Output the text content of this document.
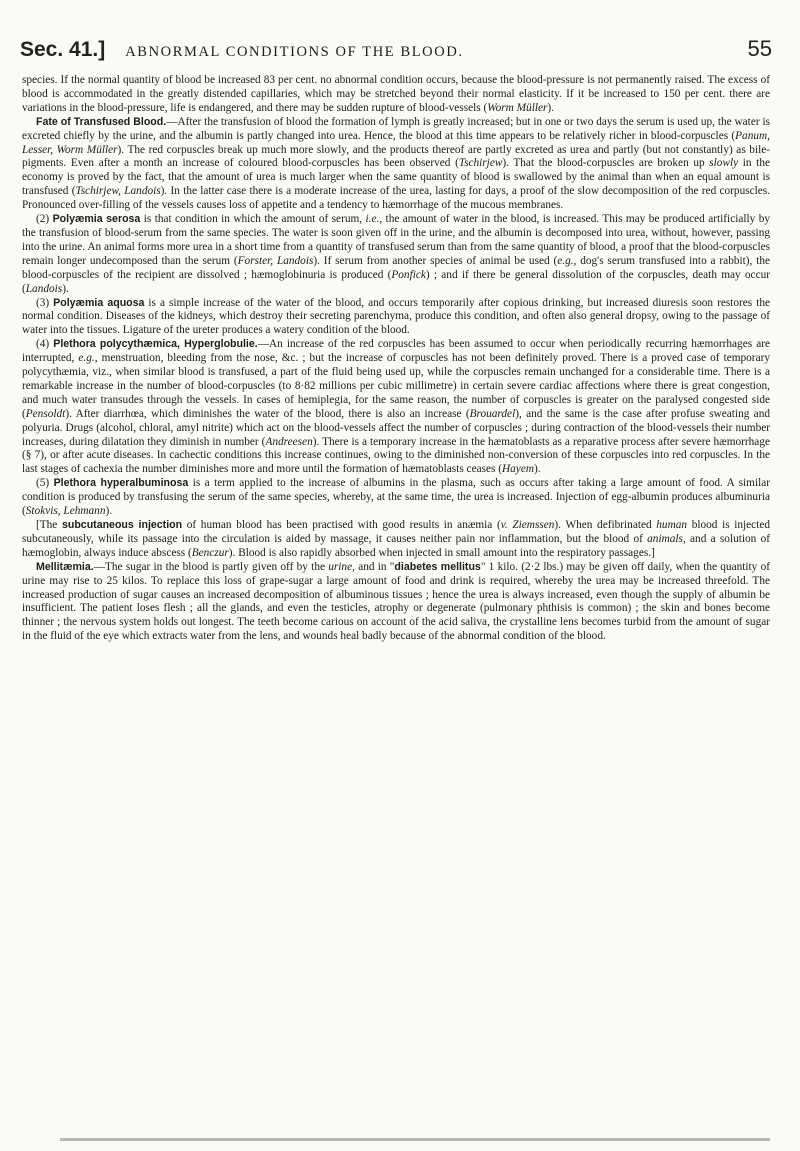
Sec. 41.] ABNORMAL CONDITIONS OF THE BLOOD.	55

species. If the normal quantity of blood be increased 83 per cent. no abnormal condition occurs, because the blood-pressure is not permanently raised. The excess of blood is accommodated in the greatly distended capillaries, which may be stretched beyond their normal elasticity. If it be increased to 150 per cent. there are variations in the blood-pressure, life is endangered, and there may be sudden rupture of blood-vessels (Worm Müller).

Fate of Transfused Blood.—After the transfusion of blood the formation of lymph is greatly increased; but in one or two days the serum is used up, the water is excreted chiefly by the urine, and the albumin is partly changed into urea. Hence, the blood at this time appears to be relatively richer in blood-corpuscles (Panum, Lesser, Worm Müller). The red corpuscles break up much more slowly, and the products thereof are partly excreted as urea and partly (but not constantly) as bile-pigments. Even after a month an increase of coloured blood-corpuscles has been observed (Tschirjew). That the blood-corpuscles are broken up slowly in the economy is proved by the fact, that the amount of urea is much larger when the same quantity of blood is swallowed by the animal than when an equal amount is transfused (Tschirjew, Landois). In the latter case there is a moderate increase of the urea, lasting for days, a proof of the slow decomposition of the red corpuscles. Pronounced over-filling of the vessels causes loss of appetite and a tendency to hæmorrhage of the mucous membranes.

(2) Polyæmia serosa is that condition in which the amount of serum, i.e., the amount of water in the blood, is increased. This may be produced artificially by the transfusion of blood-serum from the same species. The water is soon given off in the urine, and the albumin is decomposed into urea, without, however, passing into the urine. An animal forms more urea in a short time from a quantity of transfused serum than from the same quantity of blood, a proof that the blood-corpuscles remain longer undecomposed than the serum (Forster, Landois). If serum from another species of animal be used (e.g., dog's serum transfused into a rabbit), the blood-corpuscles of the recipient are dissolved ; hæmoglobinuria is produced (Ponfick) ; and if there be general dissolution of the corpuscles, death may occur (Landois).

(3) Polyæmia aquosa is a simple increase of the water of the blood, and occurs temporarily after copious drinking, but increased diuresis soon restores the normal condition. Diseases of the kidneys, which destroy their secreting parenchyma, produce this condition, and often also general dropsy, owing to the passage of water into the tissues. Ligature of the ureter produces a watery condition of the blood.

(4) Plethora polycythæmica, Hyperglobulie.—An increase of the red corpuscles has been assumed to occur when periodically recurring hæmorrhages are interrupted, e.g., menstruation, bleeding from the nose, &c. ; but the increase of corpuscles has not been definitely proved. There is a proved case of temporary polycythæmia, viz., when similar blood is transfused, a part of the fluid being used up, while the corpuscles remain unchanged for a considerable time. There is a remarkable increase in the number of blood-corpuscles (to 8·82 millions per cubic millimetre) in certain severe cardiac affections where there is great congestion, and much water transudes through the vessels. In cases of hemiplegia, for the same reason, the number of corpuscles is greater on the paralysed congested side (Pensoldt). After diarrhœa, which diminishes the water of the blood, there is also an increase (Brouardel), and the same is the case after profuse sweating and polyuria. Drugs (alcohol, chloral, amyl nitrite) which act on the blood-vessels affect the number of corpuscles ; during contraction of the blood-vessels their number increases, during dilatation they diminish in number (Andreesen). There is a temporary increase in the hæmatoblasts as a reparative process after severe hæmorrhage (§ 7), or after acute diseases. In cachectic conditions this increase continues, owing to the diminished non-conversion of these corpuscles into red corpuscles. In the last stages of cachexia the number diminishes more and more until the formation of hæmatoblasts ceases (Hayem).

(5) Plethora hyperalbuminosa is a term applied to the increase of albumins in the plasma, such as occurs after taking a large amount of food. A similar condition is produced by transfusing the serum of the same species, whereby, at the same time, the urea is increased. Injection of egg-albumin produces albuminuria (Stokvis, Lehmann).

[The subcutaneous injection of human blood has been practised with good results in anæmia (v. Ziemssen). When defibrinated human blood is injected subcutaneously, while its passage into the circulation is aided by massage, it causes neither pain nor inflammation, but the blood of animals, and a solution of hæmoglobin, always induce abscess (Benczur). Blood is also rapidly absorbed when injected in small amount into the respiratory passages.]

Mellitæmia.—The sugar in the blood is partly given off by the urine, and in "diabetes mellitus" 1 kilo. (2·2 lbs.) may be given off daily, when the quantity of urine may rise to 25 kilos. To replace this loss of grape-sugar a large amount of food and drink is required, whereby the urea may be increased threefold. The increased production of sugar causes an increased decomposition of albuminous tissues ; hence the urea is always increased, even though the supply of albumin be insufficient. The patient loses flesh ; all the glands, and even the testicles, atrophy or degenerate (pulmonary phthisis is common) ; the skin and bones become thinner ; the nervous system holds out longest. The teeth become carious on account of the acid saliva, the crystalline lens becomes turbid from the amount of sugar in the fluid of the eye which extracts water from the lens, and wounds heal badly because of the abnormal condition of the blood.
